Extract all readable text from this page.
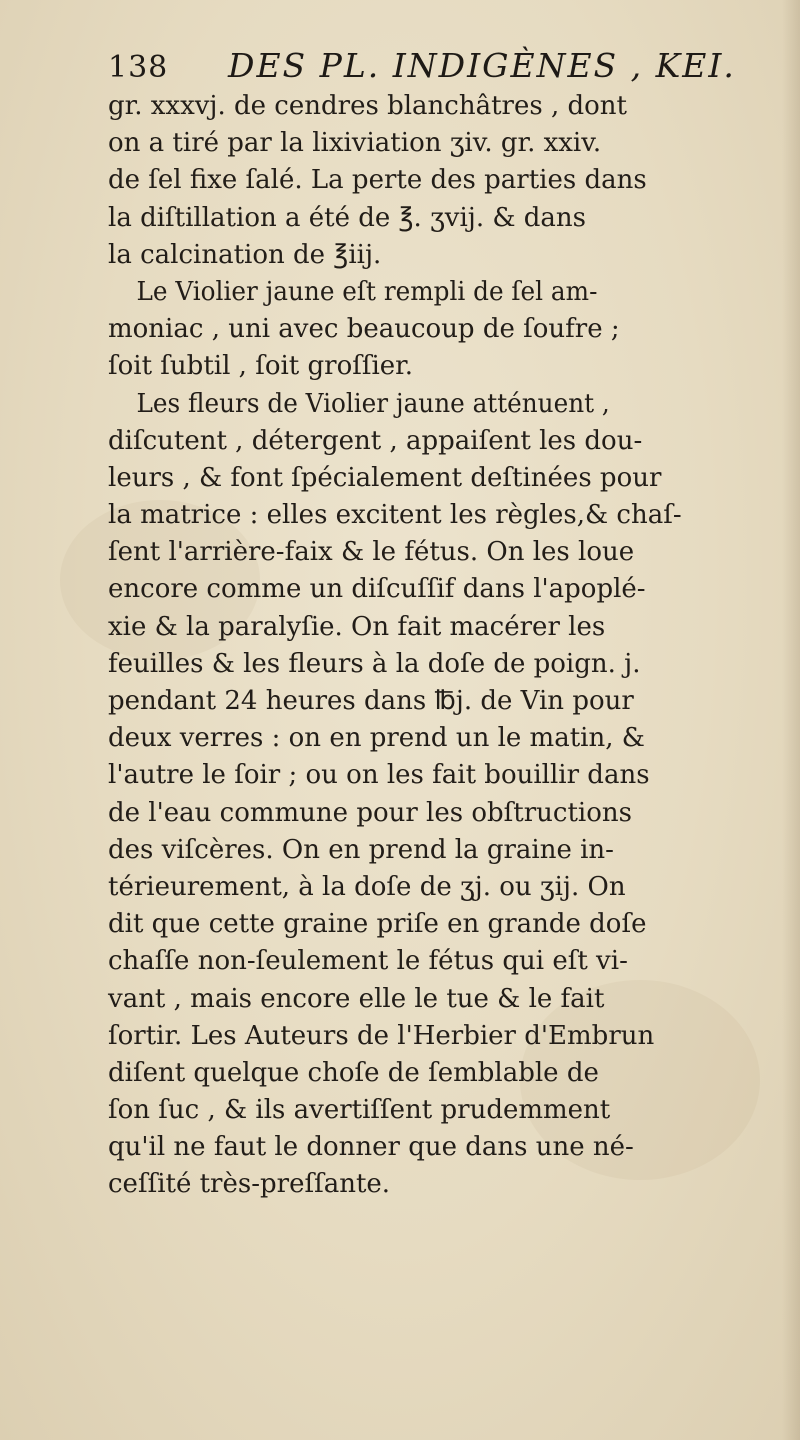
138 DES PL. INDIGÈNES , KEI.
gr. xxxvj. de cendres blanchâtres , dont
on a tiré par la lixiviation ʒiv. gr. xxiv.
de ſel fixe ſalé. La perte des parties dans
la diſtillation a été de ℥. ʒvij. & dans
la calcination de ℥iij.
Le Violier jaune eſt rempli de ſel am-
moniac , uni avec beaucoup de ſoufre ;
ſoit ſubtil , ſoit groſſier.
Les fleurs de Violier jaune atténuent ,
diſcutent , détergent , appaiſent les dou-
leurs , & font ſpécialement deſtinées pour
la matrice : elles excitent les règles,& chaſ-
ſent l'arrière-faix & le fétus. On les loue
encore comme un diſcuſſif dans l'apoplé-
xie & la paralyſie. On fait macérer les
feuilles & les fleurs à la doſe de poign. j.
pendant 24 heures dans ℔j. de Vin pour
deux verres : on en prend un le matin, &
l'autre le ſoir ; ou on les fait bouillir dans
de l'eau commune pour les obſtructions
des viſcères. On en prend la graine in-
térieurement, à la doſe de ʒj. ou ʒij. On
dit que cette graine priſe en grande doſe
chaſſe non-ſeulement le fétus qui eſt vi-
vant , mais encore elle le tue & le fait
ſortir. Les Auteurs de l'Herbier d'Embrun
diſent quelque choſe de ſemblable de
ſon ſuc , & ils avertiſſent prudemment
qu'il ne faut le donner que dans une né-
ceſſité très-preſſante.
